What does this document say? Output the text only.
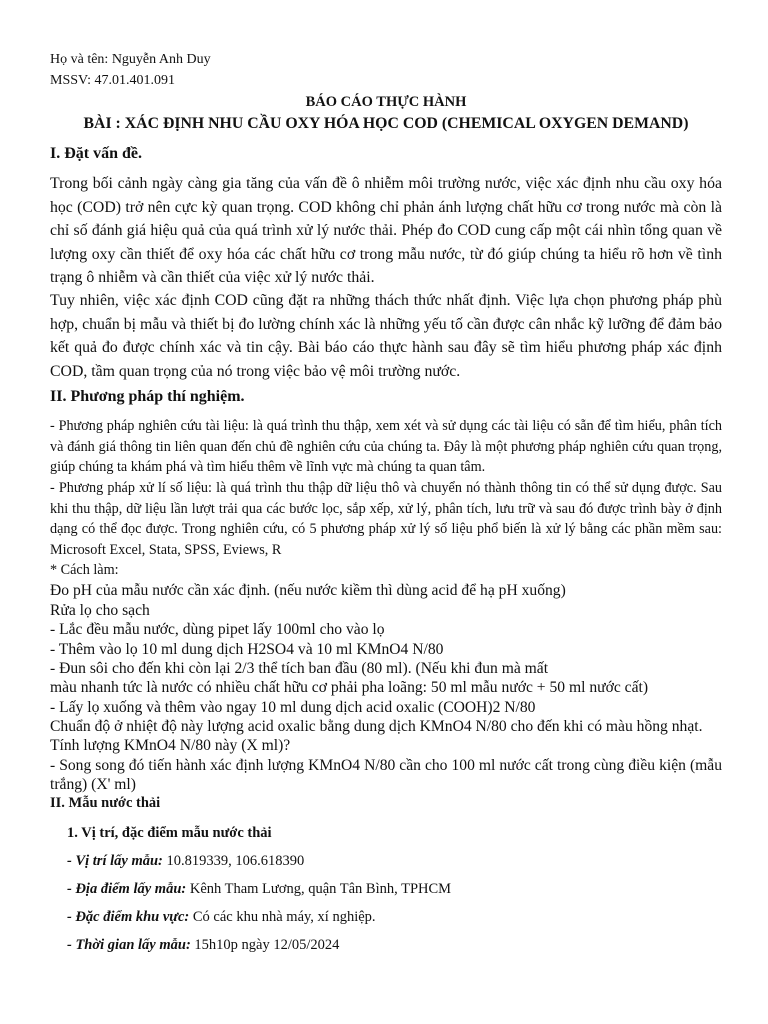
Họ và tên: Nguyễn Anh Duy
MSSV: 47.01.401.091
BÁO CÁO THỰC HÀNH
BÀI : XÁC ĐỊNH NHU CẦU OXY HÓA HỌC COD (CHEMICAL OXYGEN DEMAND)
I. Đặt vấn đề.

Trong bối cảnh ngày càng gia tăng của vấn đề ô nhiễm môi trường nước, việc xác định nhu cầu oxy hóa học (COD) trở nên cực kỳ quan trọng. COD không chỉ phản ánh lượng chất hữu cơ trong nước mà còn là chỉ số đánh giá hiệu quả của quá trình xử lý nước thải. Phép đo COD cung cấp một cái nhìn tổng quan về lượng oxy cần thiết để oxy hóa các chất hữu cơ trong mẫu nước, từ đó giúp chúng ta hiểu rõ hơn về tình trạng ô nhiễm và cần thiết của việc xử lý nước thải.

Tuy nhiên, việc xác định COD cũng đặt ra những thách thức nhất định. Việc lựa chọn phương pháp phù hợp, chuẩn bị mẫu và thiết bị đo lường chính xác là những yếu tố cần được cân nhắc kỹ lưỡng để đảm bảo kết quả đo được chính xác và tin cậy. Bài báo cáo thực hành sau đây sẽ tìm hiểu phương pháp xác định COD, tầm quan trọng của nó trong việc bảo vệ môi trường nước.

II. Phương pháp thí nghiệm.

- Phương pháp nghiên cứu tài liệu: là quá trình thu thập, xem xét và sử dụng các tài liệu có sẵn để tìm hiểu, phân tích và đánh giá thông tin liên quan đến chủ đề nghiên cứu của chúng ta. Đây là một phương pháp nghiên cứu quan trọng, giúp chúng ta khám phá và tìm hiểu thêm về lĩnh vực mà chúng ta quan tâm.

- Phương pháp xử lí số liệu: là quá trình thu thập dữ liệu thô và chuyển nó thành thông tin có thể sử dụng được. Sau khi thu thập, dữ liệu lần lượt trải qua các bước lọc, sắp xếp, xử lý, phân tích, lưu trữ và sau đó được trình bày ở định dạng có thể đọc được. Trong nghiên cứu, có 5 phương pháp xử lý số liệu phổ biến là xử lý bằng các phần mềm sau: Microsoft Excel, Stata, SPSS, Eviews, R

* Cách làm:
Đo pH của mẫu nước cần xác định. (nếu nước kiềm thì dùng acid để hạ pH xuống)
Rửa lọ cho sạch
- Lắc đều mẫu nước, dùng pipet lấy 100ml cho vào lọ
- Thêm vào lọ 10 ml dung dịch H2SO4 và 10 ml KMnO4 N/80
- Đun sôi cho đến khi còn lại 2/3 thể tích ban đầu (80 ml). (Nếu khi đun mà mất
màu nhanh tức là nước có nhiều chất hữu cơ phải pha loãng: 50 ml mẫu nước + 50 ml nước cất)
- Lấy lọ xuống và thêm vào ngay 10 ml dung dịch acid oxalic (COOH)2 N/80
Chuẩn độ ở nhiệt độ này lượng acid oxalic bằng dung dịch KMnO4 N/80 cho đến khi có màu hồng nhạt.
Tính lượng KMnO4 N/80 này (X ml)?

- Song song đó tiến hành xác định lượng KMnO4 N/80 cần cho 100 ml nước cất trong cùng điều kiện (mẫu trắng) (X' ml)

II. Mẫu nước thải
1. Vị trí, đặc điểm mẫu nước thải
- Vị trí lấy mẫu: 10.819339, 106.618390
- Địa điểm lấy mẫu: Kênh Tham Lương, quận Tân Bình, TPHCM
- Đặc điểm khu vực: Có các khu nhà máy, xí nghiệp.
- Thời gian lấy mẫu: 15h10p ngày 12/05/2024
